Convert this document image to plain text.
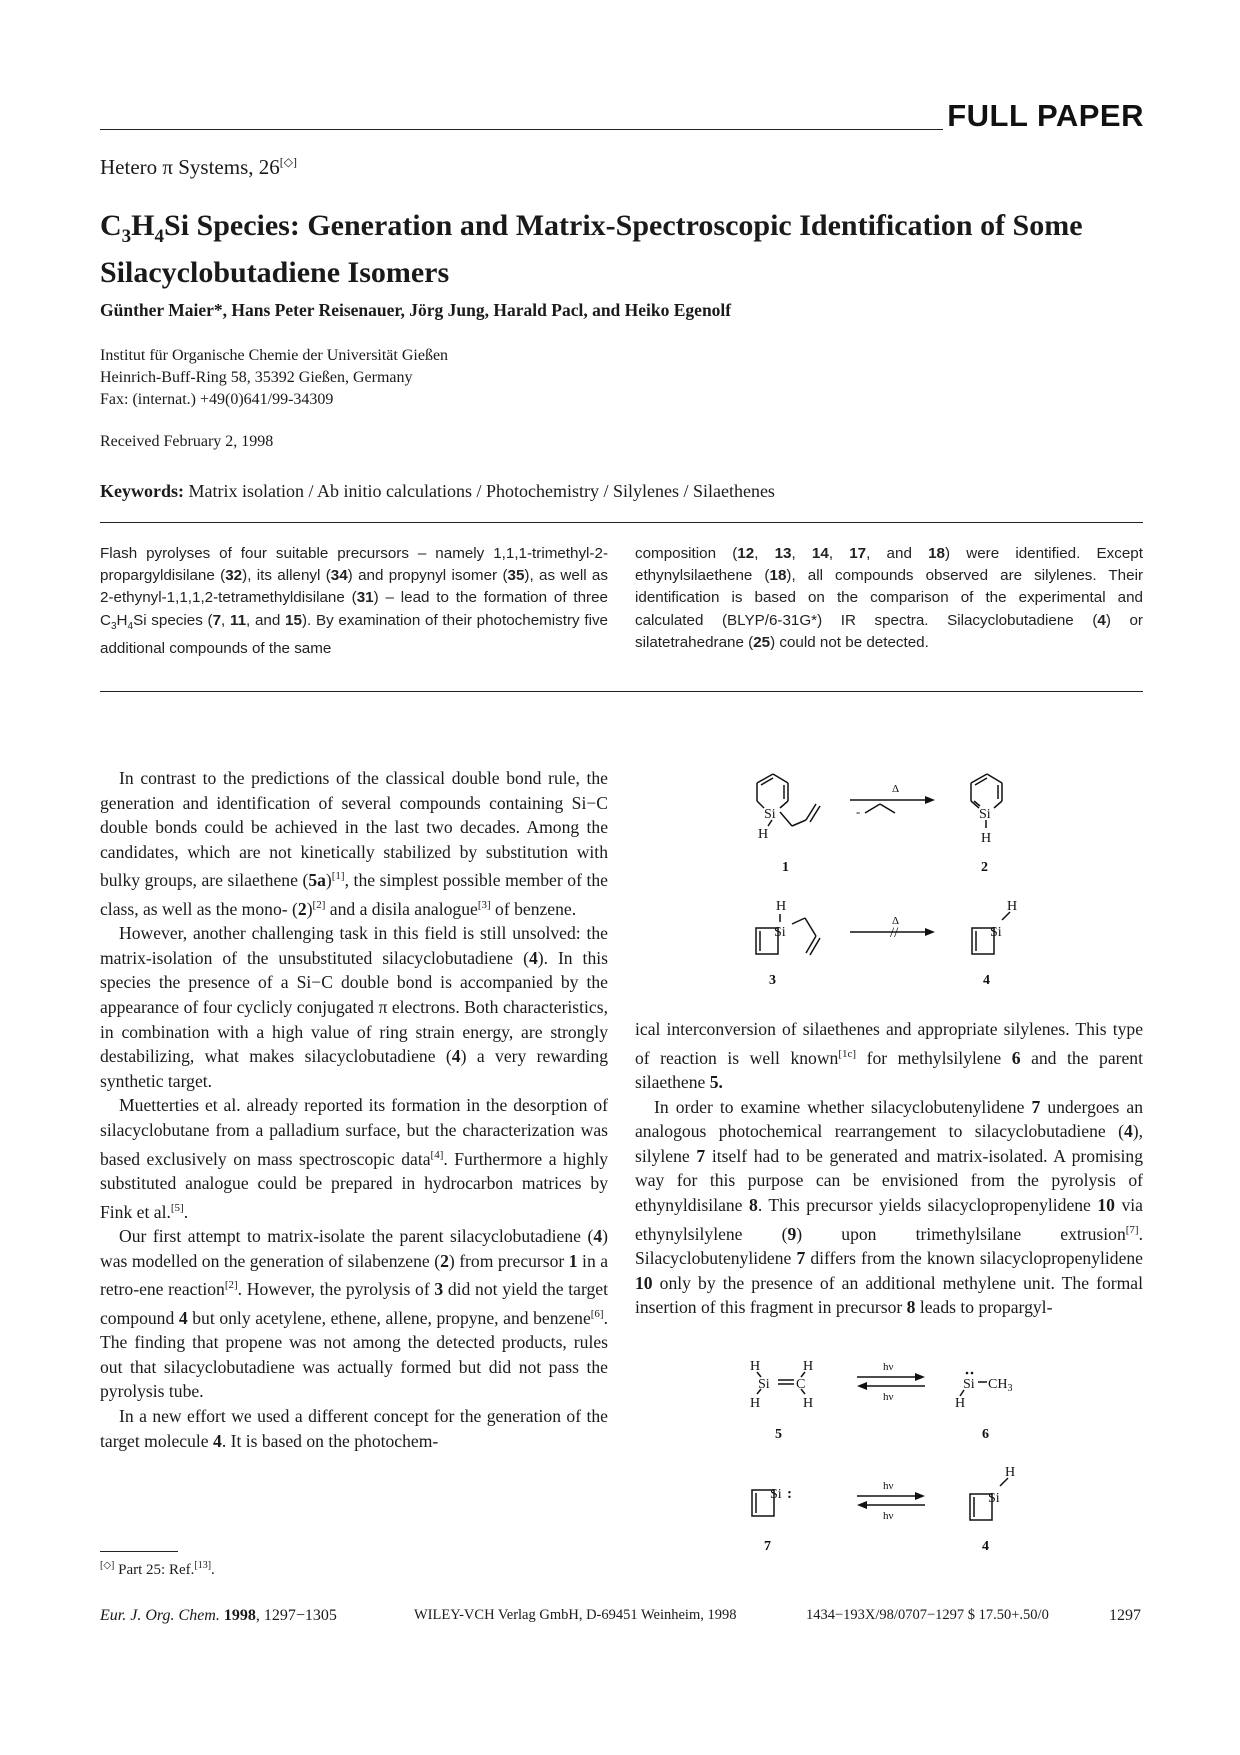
FULL PAPER
Hetero π Systems, 26[◇]
$C_3H_4Si$ Species: Generation and Matrix-Spectroscopic Identification of Some Silacyclobutadiene Isomers
Günther Maier*, Hans Peter Reisenauer, Jörg Jung, Harald Pacl, and Heiko Egenolf
Institut für Organische Chemie der Universität Gießen
Heinrich-Buff-Ring 58, 35392 Gießen, Germany
Fax: (internat.) +49(0)641/99-34309
Received February 2, 1998
Keywords: Matrix isolation / Ab initio calculations / Photochemistry / Silylenes / Silaethenes
Flash pyrolyses of four suitable precursors – namely 1,1,1-trimethyl-2-propargyldisilane (32), its allenyl (34) and propynyl isomer (35), as well as 2-ethynyl-1,1,1,2-tetramethyldisilane (31) – lead to the formation of three $C_3H_4Si$ species (7, 11, and 15). By examination of their photochemistry five additional compounds of the same
composition (12, 13, 14, 17, and 18) were identified. Except ethynylsilaethene (18), all compounds observed are silylenes. Their identification is based on the comparison of the experimental and calculated (BLYP/6-31G*) IR spectra. Silacyclobutadiene (4) or silatetrahedrane (25) could not be detected.

In contrast to the predictions of the classical double bond rule, the generation and identification of several compounds containing Si−C double bonds could be achieved in the last two decades. Among the candidates, which are not kinetically stabilized by substitution with bulky groups, are silaethene (5a)[1], the simplest possible member of the class, as well as the mono- (2)[2] and a disila analogue[3] of benzene.

However, another challenging task in this field is still unsolved: the matrix-isolation of the unsubstituted silacyclobutadiene (4). In this species the presence of a Si−C double bond is accompanied by the appearance of four cyclicly conjugated π electrons. Both characteristics, in combination with a high value of ring strain energy, are strongly destabilizing, what makes silacyclobutadiene (4) a very rewarding synthetic target.

Muetterties et al. already reported its formation in the desorption of silacyclobutane from a palladium surface, but the characterization was based exclusively on mass spectroscopic data[4]. Furthermore a highly substituted analogue could be prepared in hydrocarbon matrices by Fink et al.[5].

Our first attempt to matrix-isolate the parent silacyclobutadiene (4) was modelled on the generation of silabenzene (2) from precursor 1 in a retro-ene reaction[2]. However, the pyrolysis of 3 did not yield the target compound 4 but only acetylene, ethene, allene, propyne, and benzene[6]. The finding that propene was not among the detected products, rules out that silacyclobutadiene was actually formed but did not pass the pyrolysis tube.

In a new effort we used a different concept for the generation of the target molecule 4. It is based on the photochem-

ical interconversion of silaethenes and appropriate silylenes. This type of reaction is well known[1c] for methylsilylene 6 and the parent silaethene 5.

In order to examine whether silacyclobutenylidene 7 undergoes an analogous photochemical rearrangement to silacyclobutadiene (4), silylene 7 itself had to be generated and matrix-isolated. A promising way for this purpose can be envisioned from the pyrolysis of ethynyldisilane 8. This precursor yields silacyclopropenylidene 10 via ethynylsilylene (9) upon trimethylsilane extrusion[7]. Silacyclobutenylidene 7 differs from the known silacyclopropenylidene 10 only by the presence of an additional methylene unit. The formal insertion of this fragment in precursor 8 leads to propargyl-

Si
H
1
Δ
-	Si
H
2
H
Si
3
Δ
//	Si
H
4
H	H
Si C
H	H
5
hν
hν
Si $CH_3$
H
6
Si :
7
hν
hν
Si
H
4
[◇] Part 25: Ref.[13].
Eur. J. Org. Chem. 1998, 1297−1305	WILEY-VCH Verlag GmbH, D-69451 Weinheim, 1998	1434−193X/98/0707−1297 $ 17.50+.50/0	1297
